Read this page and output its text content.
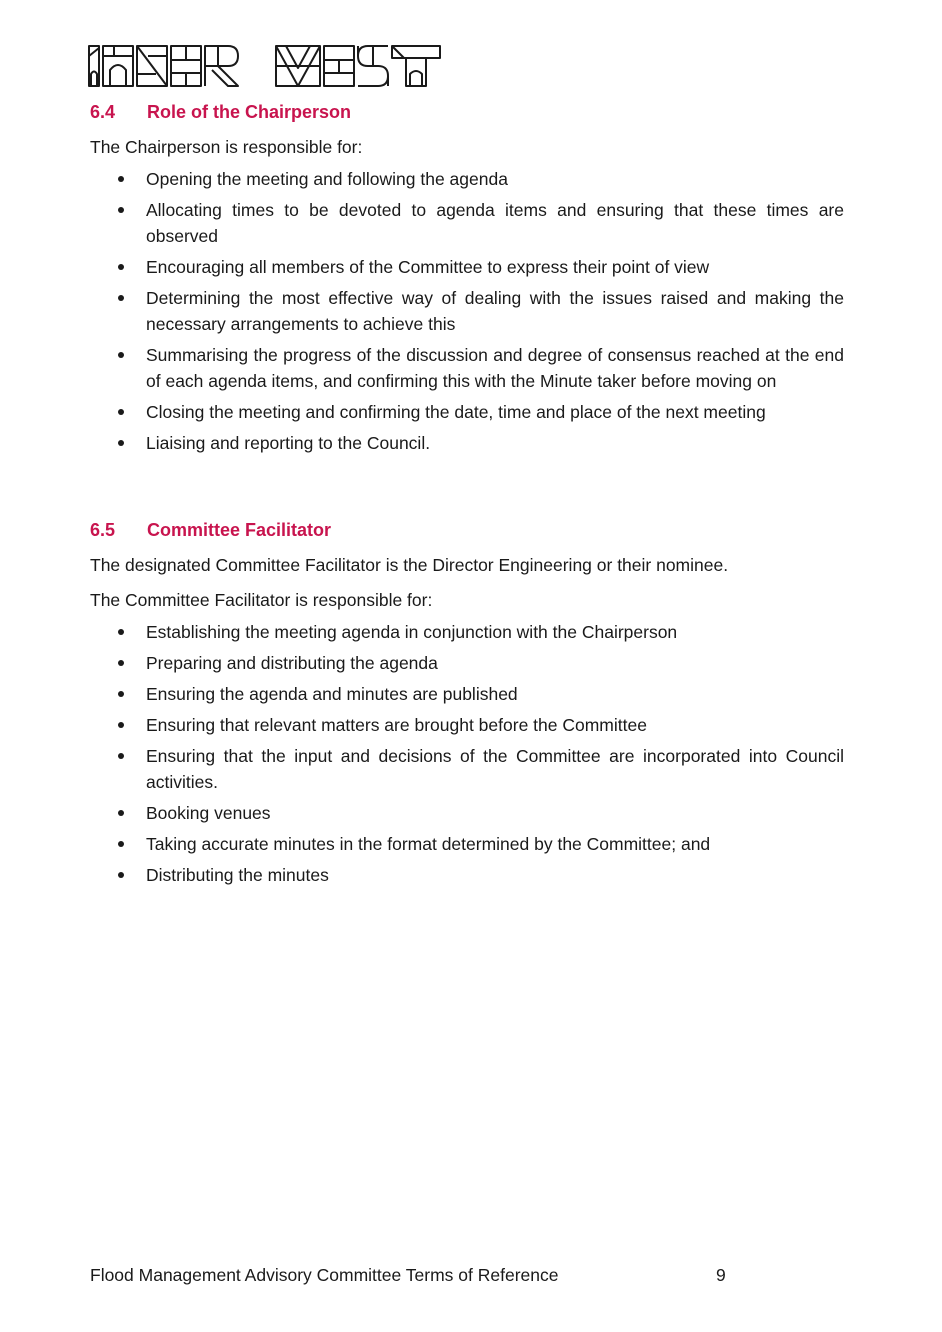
6.4	Role of the Chairperson

The Chairperson is responsible for:

Opening the meeting and following the agenda
Allocating times to be devoted to agenda items and ensuring that these times are observed
Encouraging all members of the Committee to express their point of view
Determining the most effective way of dealing with the issues raised and making the necessary arrangements to achieve this
Summarising the progress of the discussion and degree of consensus reached at the end of each agenda items, and confirming this with the Minute taker before moving on
Closing the meeting and confirming the date, time and place of the next meeting
Liaising and reporting to the Council.
6.5	Committee Facilitator

The designated Committee Facilitator is the Director Engineering or their nominee.

The Committee Facilitator is responsible for:

Establishing the meeting agenda in conjunction with the Chairperson
Preparing and distributing the agenda
Ensuring the agenda and minutes are published
Ensuring that relevant matters are brought before the Committee
Ensuring that the input and decisions of the Committee are incorporated into Council activities.
Booking venues
Taking accurate minutes in the format determined by the Committee; and
Distributing the minutes
Flood Management Advisory Committee Terms of Reference	9
